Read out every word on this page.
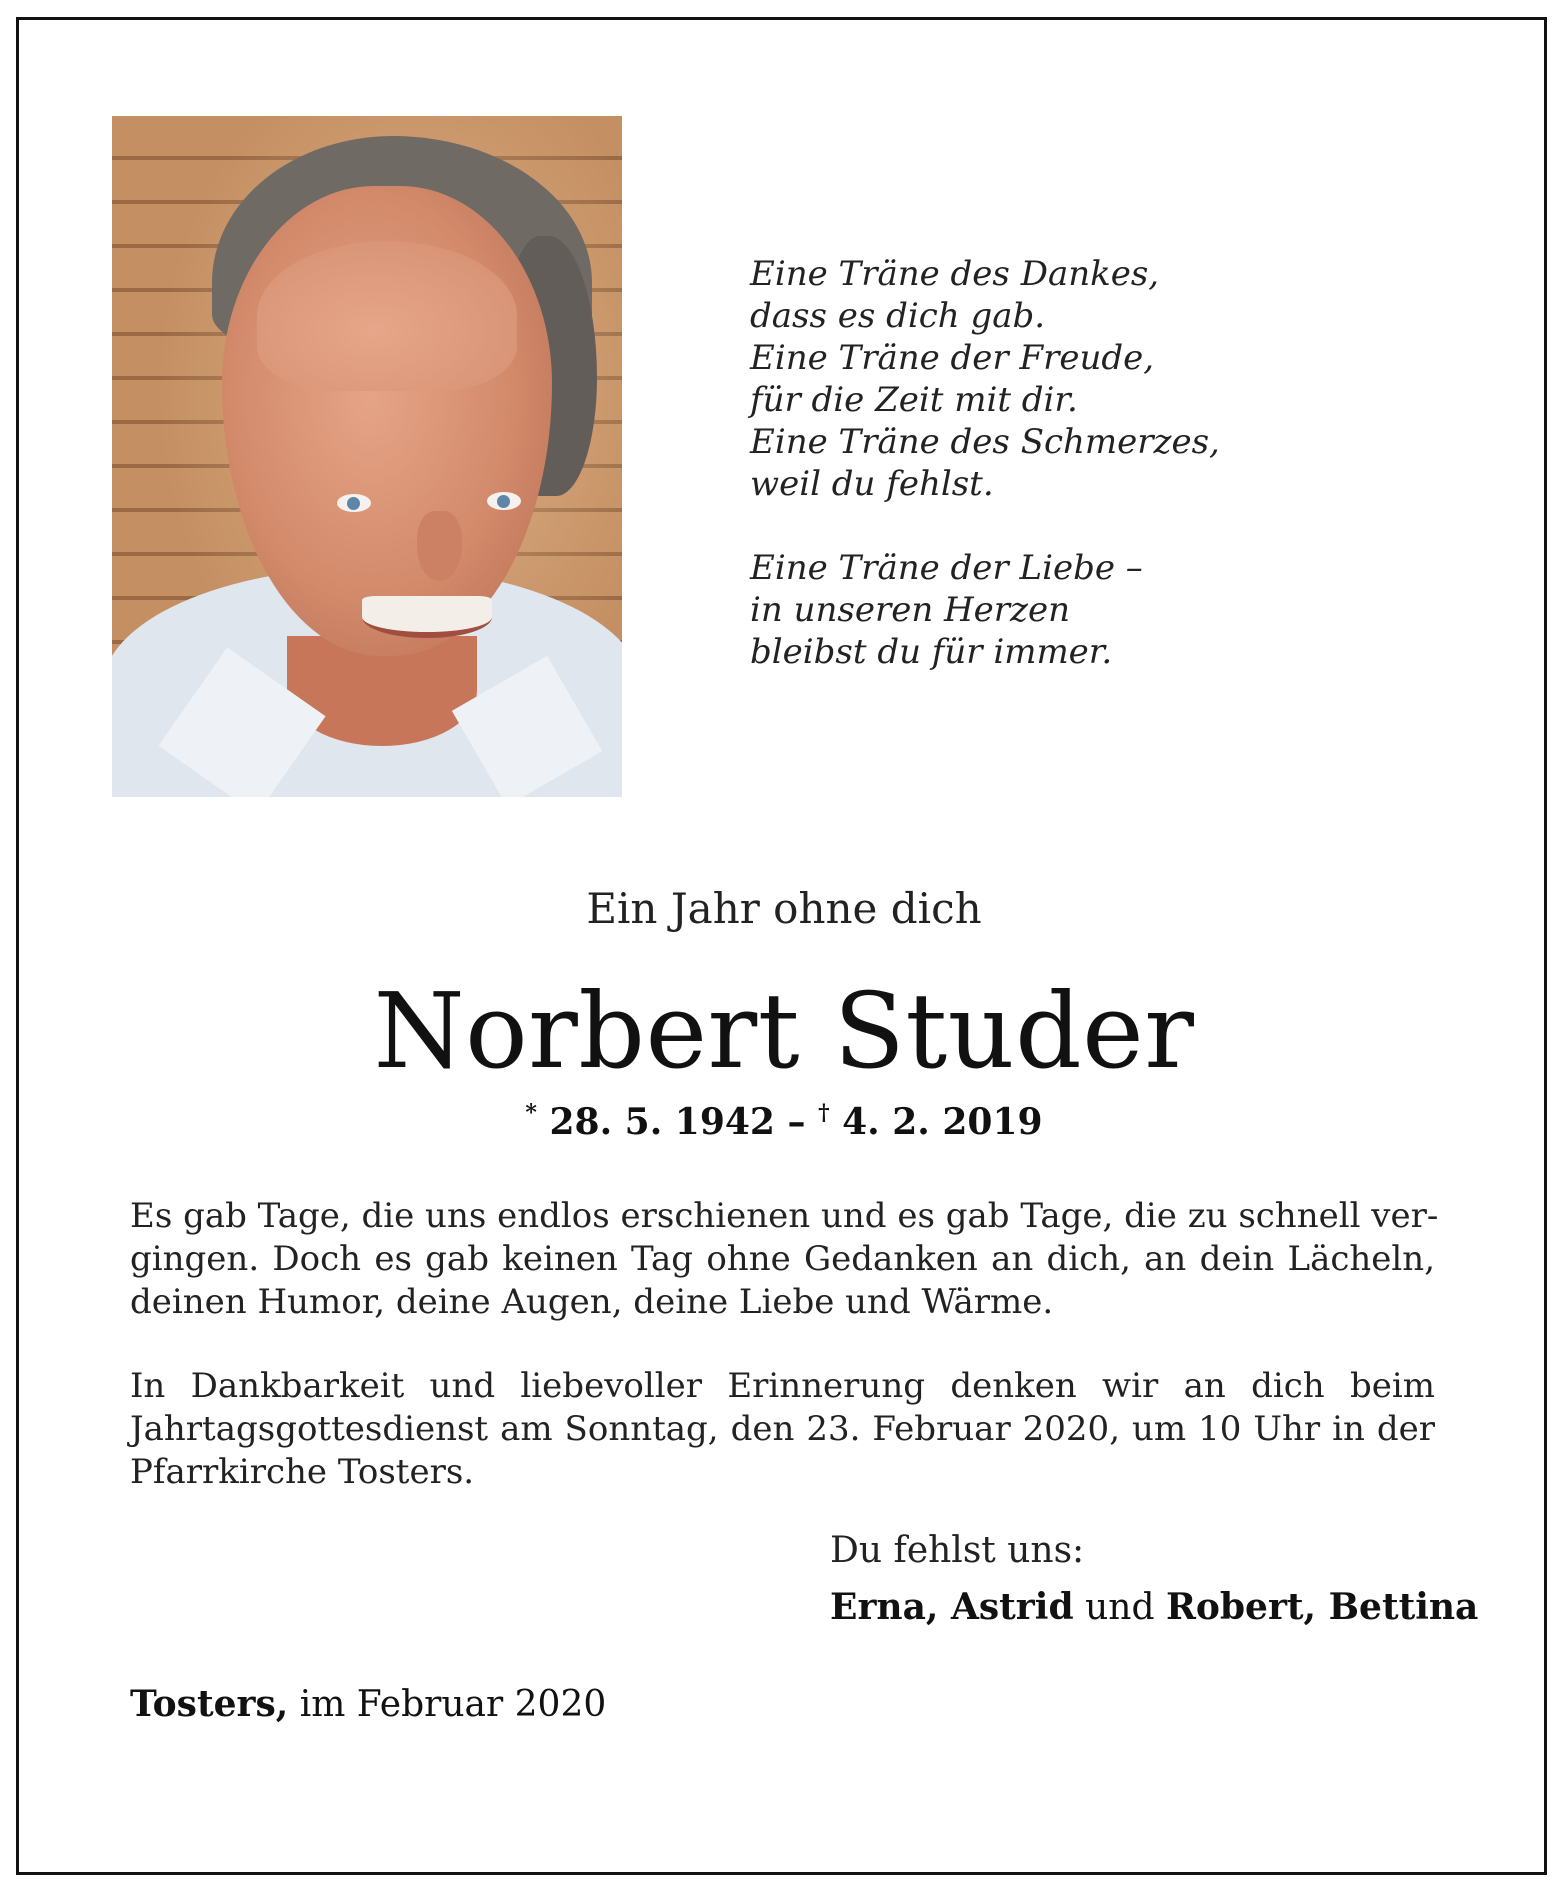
Eine Träne des Dankes,
dass es dich gab.
Eine Träne der Freude,
für die Zeit mit dir.
Eine Träne des Schmerzes,
weil du fehlst.
Eine Träne der Liebe –
in unseren Herzen
bleibst du für immer.
Ein Jahr ohne dich
Norbert Studer
* 28. 5. 1942 – † 4. 2. 2019
Es gab Tage, die uns endlos erschienen und es gab Tage, die zu schnell ver-
gingen. Doch es gab keinen Tag ohne Gedanken an dich, an dein Lächeln,
deinen Humor, deine Augen, deine Liebe und Wärme.
In Dankbarkeit und liebevoller Erinnerung denken wir an dich beim
Jahrtagsgottesdienst am Sonntag, den 23. Februar 2020, um 10 Uhr in der
Pfarrkirche Tosters.
Du fehlst uns:
Erna, Astrid und Robert, Bettina
Tosters, im Februar 2020
